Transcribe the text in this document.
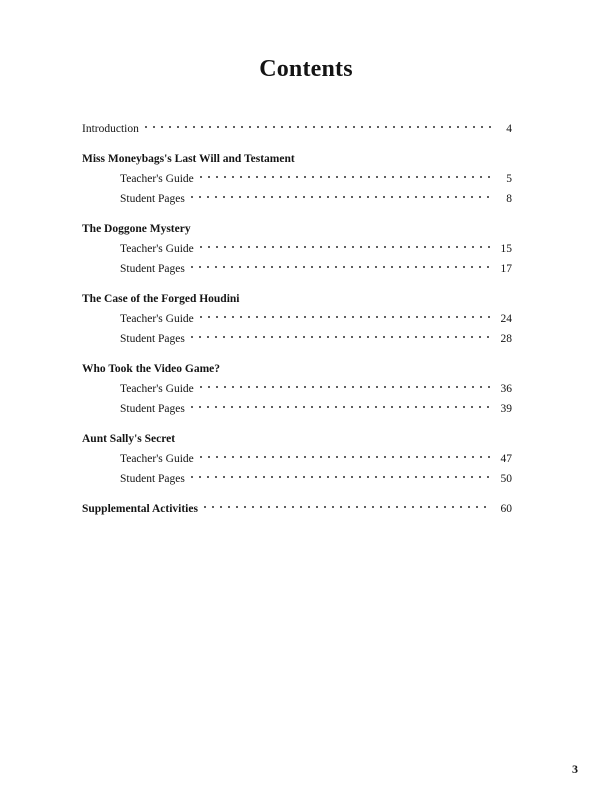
Contents
Introduction	4
Miss Moneybags's Last Will and Testament
Teacher's Guide	5
Student Pages	8
The Doggone Mystery
Teacher's Guide	15
Student Pages	17
The Case of the Forged Houdini
Teacher's Guide	24
Student Pages	28
Who Took the Video Game?
Teacher's Guide	36
Student Pages	39
Aunt Sally's Secret
Teacher's Guide	47
Student Pages	50
Supplemental Activities	60
3
